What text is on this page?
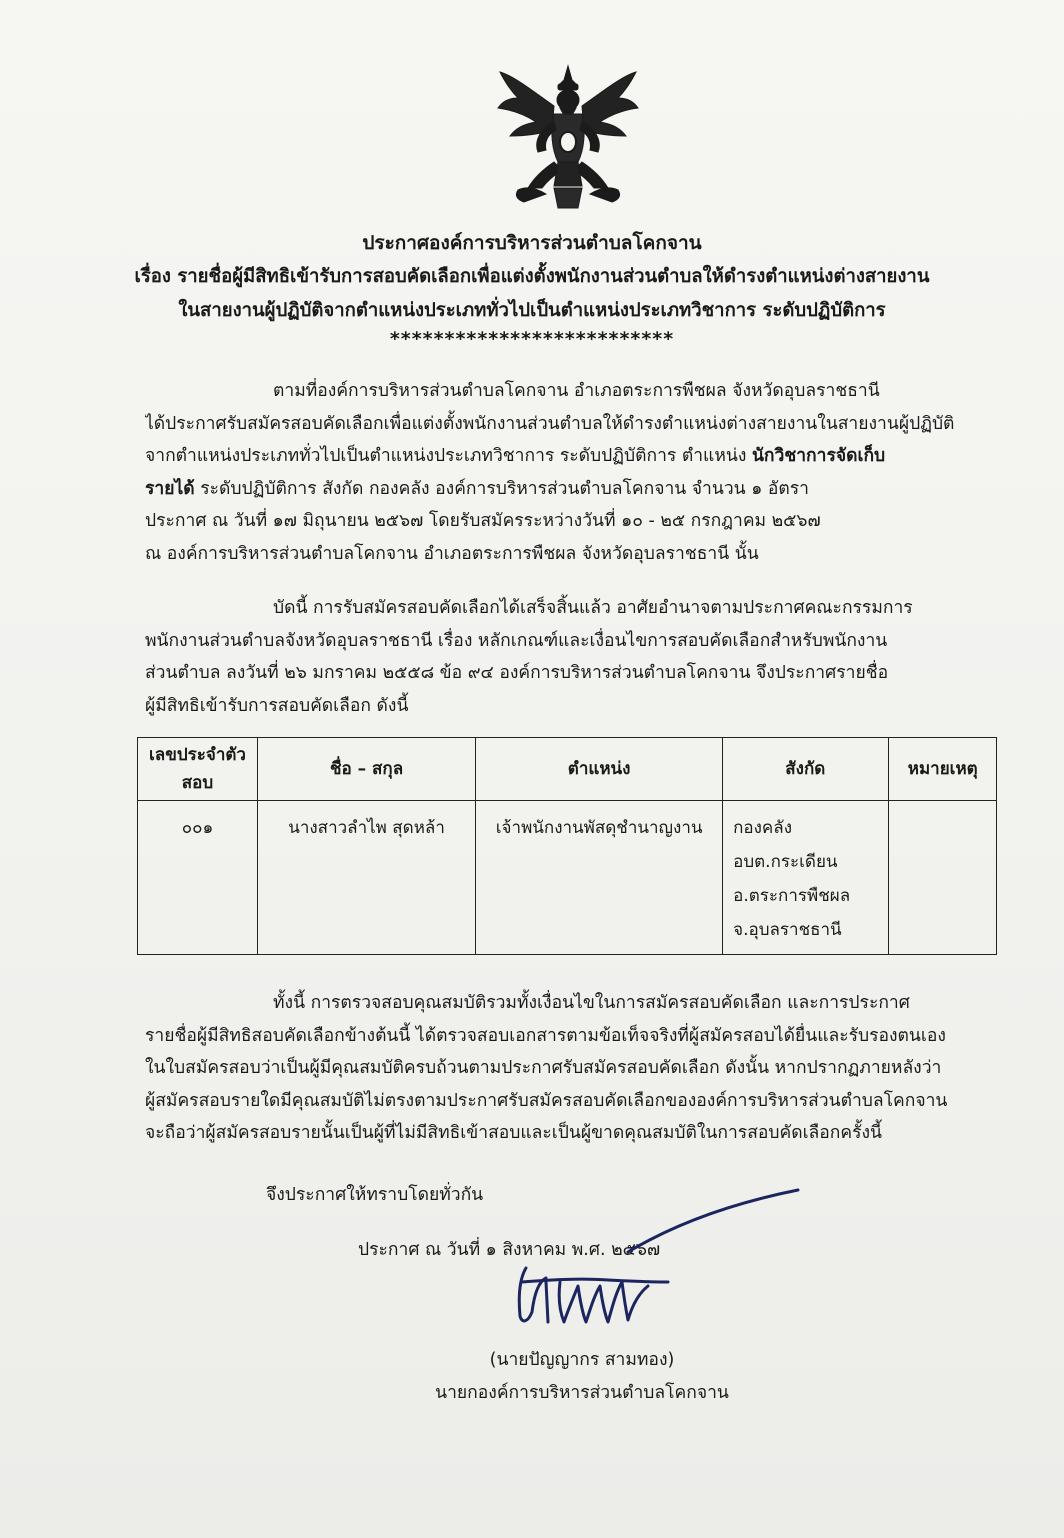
ประกาศองค์การบริหารส่วนตำบลโคกจาน
เรื่อง รายชื่อผู้มีสิทธิเข้ารับการสอบคัดเลือกเพื่อแต่งตั้งพนักงานส่วนตำบลให้ดำรงตำแหน่งต่างสายงาน
ในสายงานผู้ปฏิบัติจากตำแหน่งประเภททั่วไปเป็นตำแหน่งประเภทวิชาการ ระดับปฏิบัติการ
**************************
ตามที่องค์การบริหารส่วนตำบลโคกจาน อำเภอตระการพืชผล จังหวัดอุบลราชธานี
ได้ประกาศรับสมัครสอบคัดเลือกเพื่อแต่งตั้งพนักงานส่วนตำบลให้ดำรงตำแหน่งต่างสายงานในสายงานผู้ปฏิบัติ
จากตำแหน่งประเภททั่วไปเป็นตำแหน่งประเภทวิชาการ ระดับปฏิบัติการ ตำแหน่ง นักวิชาการจัดเก็บ
รายได้ ระดับปฏิบัติการ สังกัด กองคลัง องค์การบริหารส่วนตำบลโคกจาน จำนวน ๑ อัตรา
ประกาศ ณ วันที่ ๑๗ มิถุนายน ๒๕๖๗ โดยรับสมัครระหว่างวันที่ ๑๐ - ๒๕ กรกฎาคม ๒๕๖๗
ณ องค์การบริหารส่วนตำบลโคกจาน อำเภอตระการพืชผล จังหวัดอุบลราชธานี นั้น
บัดนี้ การรับสมัครสอบคัดเลือกได้เสร็จสิ้นแล้ว อาศัยอำนาจตามประกาศคณะกรรมการ
พนักงานส่วนตำบลจังหวัดอุบลราชธานี เรื่อง หลักเกณฑ์และเงื่อนไขการสอบคัดเลือกสำหรับพนักงาน
ส่วนตำบล ลงวันที่ ๒๖ มกราคม ๒๕๕๘ ข้อ ๙๔ องค์การบริหารส่วนตำบลโคกจาน จึงประกาศรายชื่อ
ผู้มีสิทธิเข้ารับการสอบคัดเลือก ดังนี้
เลขประจำตัว สอบ	ชื่อ – สกุล	ตำแหน่ง	สังกัด	หมายเหตุ
๐๐๑	นางสาวลำไพ สุดหล้า	เจ้าพนักงานพัสดุชำนาญงาน	กองคลัง
อบต.กระเดียน
อ.ตระการพืชผล
จ.อุบลราชธานี	

ทั้งนี้ การตรวจสอบคุณสมบัติรวมทั้งเงื่อนไขในการสมัครสอบคัดเลือก และการประกาศ
รายชื่อผู้มีสิทธิสอบคัดเลือกข้างต้นนี้ ได้ตรวจสอบเอกสารตามข้อเท็จจริงที่ผู้สมัครสอบได้ยื่นและรับรองตนเอง
ในใบสมัครสอบว่าเป็นผู้มีคุณสมบัติครบถ้วนตามประกาศรับสมัครสอบคัดเลือก ดังนั้น หากปรากฏภายหลังว่า
ผู้สมัครสอบรายใดมีคุณสมบัติไม่ตรงตามประกาศรับสมัครสอบคัดเลือกขององค์การบริหารส่วนตำบลโคกจาน
จะถือว่าผู้สมัครสอบรายนั้นเป็นผู้ที่ไม่มีสิทธิเข้าสอบและเป็นผู้ขาดคุณสมบัติในการสอบคัดเลือกครั้งนี้
จึงประกาศให้ทราบโดยทั่วกัน
ประกาศ ณ วันที่ ๑ สิงหาคม พ.ศ. ๒๕๖๗
(นายปัญญากร สามทอง)
นายกองค์การบริหารส่วนตำบลโคกจาน
